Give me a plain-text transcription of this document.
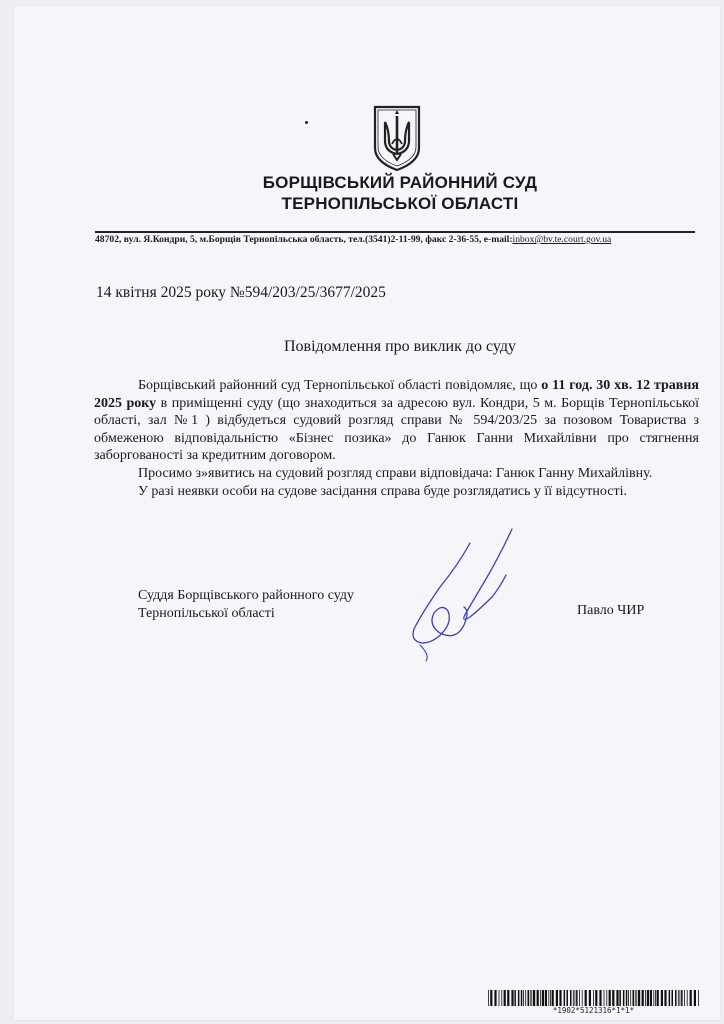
БОРЩІВСЬКИЙ РАЙОННИЙ СУД
ТЕРНОПІЛЬСЬКОЇ ОБЛАСТІ
48702, вул. Я.Кондри, 5, м.Борщів Тернопільська область, тел.(3541)2-11-99, факс 2-36-55, e-mail:inbox@bv.te.court.gov.ua
14 квітня 2025 року №594/203/25/3677/2025
Повідомлення про виклик до суду

Борщівський районний суд Тернопільської області повідомляє, що о 11 год. 30 хв. 12 травня 2025 року в приміщенні суду (що знаходиться за адресою вул. Кондри, 5 м. Борщів Тернопільської області, зал №1 ) відбудеться судовий розгляд справи № 594/203/25 за позовом Товариства з обмеженою відповідальністю «Бізнес позика» до Ганюк Ганни Михайлівни про стягнення заборгованості за кредитним договором.

Просимо з»явитись на судовий розгляд справи відповідача: Ганюк Ганну Михайлівну.

У разі неявки особи на судове засідання справа буде розглядатись у її відсутності.

Суддя Борщівського районного суду
Тернопільської області	Павло ЧИР
*1902*5121316*1*1*
